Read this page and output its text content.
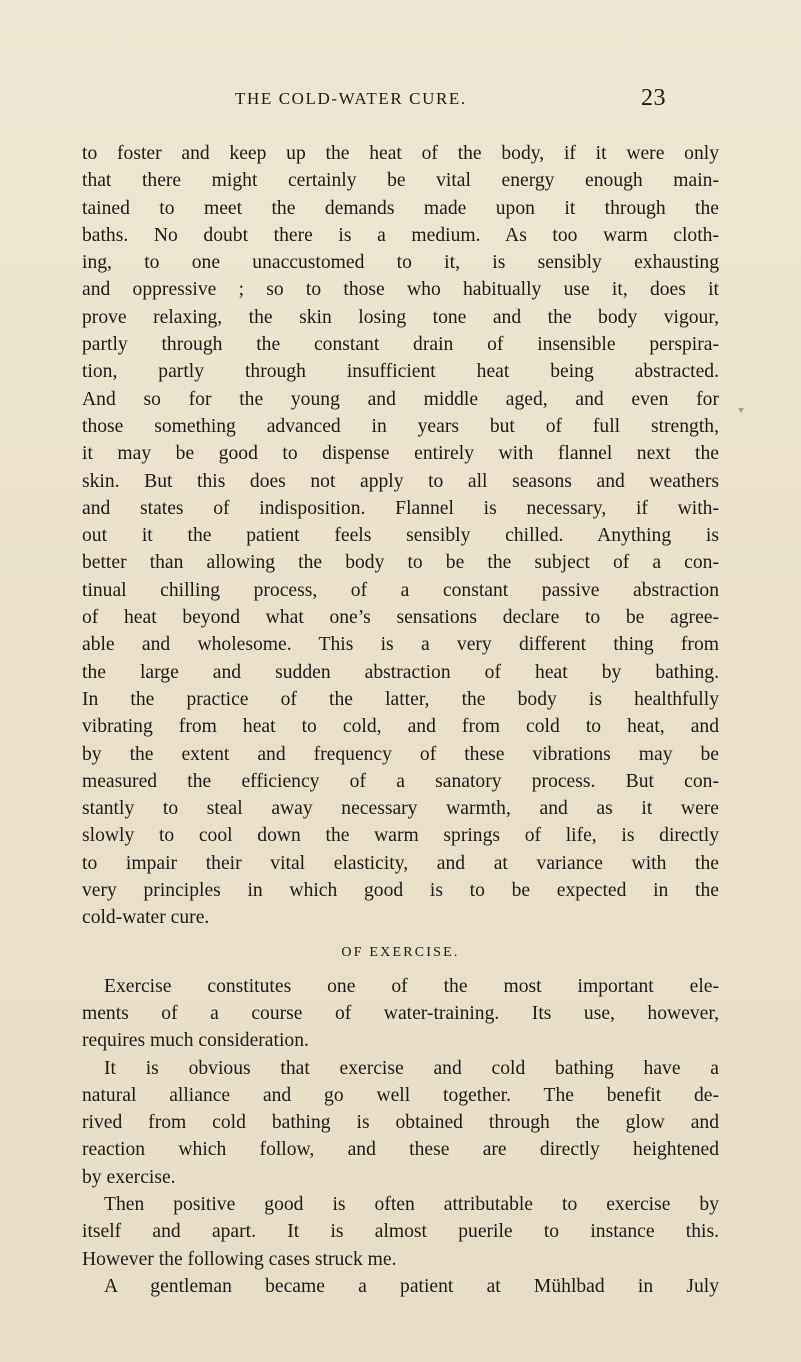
THE COLD-WATER CURE.	23
to foster and keep up the heat of the body, if it were only
that there might certainly be vital energy enough main-
tained to meet the demands made upon it through the
baths. No doubt there is a medium. As too warm cloth-
ing, to one unaccustomed to it, is sensibly exhausting
and oppressive ; so to those who habitually use it, does it
prove relaxing, the skin losing tone and the body vigour,
partly through the constant drain of insensible perspira-
tion, partly through insufficient heat being abstracted.
And so for the young and middle aged, and even for
those something advanced in years but of full strength,
it may be good to dispense entirely with flannel next the
skin. But this does not apply to all seasons and weathers
and states of indisposition. Flannel is necessary, if with-
out it the patient feels sensibly chilled. Anything is
better than allowing the body to be the subject of a con-
tinual chilling process, of a constant passive abstraction
of heat beyond what one’s sensations declare to be agree-
able and wholesome. This is a very different thing from
the large and sudden abstraction of heat by bathing.
In the practice of the latter, the body is healthfully
vibrating from heat to cold, and from cold to heat, and
by the extent and frequency of these vibrations may be
measured the efficiency of a sanatory process. But con-
stantly to steal away necessary warmth, and as it were
slowly to cool down the warm springs of life, is directly
to impair their vital elasticity, and at variance with the
very principles in which good is to be expected in the
cold-water cure.
OF EXERCISE.
Exercise constitutes one of the most important ele-
ments of a course of water-training. Its use, however,
requires much consideration.
It is obvious that exercise and cold bathing have a
natural alliance and go well together. The benefit de-
rived from cold bathing is obtained through the glow and
reaction which follow, and these are directly heightened
by exercise.
Then positive good is often attributable to exercise by
itself and apart. It is almost puerile to instance this.
However the following cases struck me.
A gentleman became a patient at Mühlbad in July
